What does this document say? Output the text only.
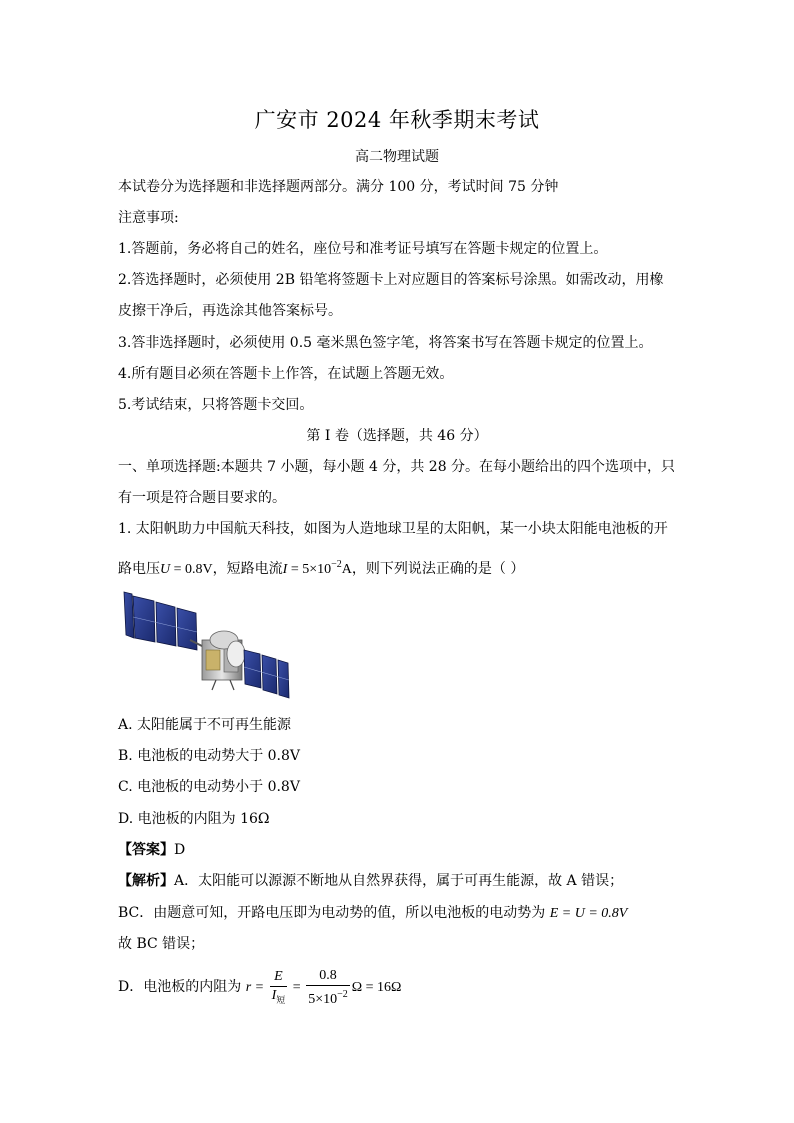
广安市 2024 年秋季期末考试
高二物理试题
本试卷分为选择题和非选择题两部分。满分 100 分，考试时间 75 分钟
注意事项:
1.答题前，务必将自己的姓名，座位号和准考证号填写在答题卡规定的位置上。
2.答选择题时，必须使用 2B 铅笔将签题卡上对应题目的答案标号涂黑。如需改动，用橡
皮擦干净后，再选涂其他答案标号。
3.答非选择题时，必须使用 0.5 毫米黑色签字笔，将答案书写在答题卡规定的位置上。
4.所有题目必须在答题卡上作答，在试题上答题无效。
5.考试结束，只将答题卡交回。
第 I 卷（选择题，共 46 分）
一、单项选择题:本题共 7 小题，每小题 4 分，共 28 分。在每小题给出的四个选项中，只
有一项是符合题目要求的。
1. 太阳帆助力中国航天科技，如图为人造地球卫星的太阳帆，某一小块太阳能电池板的开
路电压U = 0.8V，短路电流$I = 5\times 10^{-2}A$，则下列说法正确的是（ ）
A. 太阳能属于不可再生能源
B. 电池板的电动势大于 0.8V
C. 电池板的电动势小于 0.8V
D. 电池板的内阻为 16Ω
【答案】D
【解析】A．太阳能可以源源不断地从自然界获得，属于可再生能源，故 A 错误；
BC．由题意可知，开路电压即为电动势的值，所以电池板的电动势为 E = U = 0.8V
故 BC 错误；
D．电池板的内阻为 $r = \frac{E}{I_短} = \frac{0.8}{5\times 10^{-2}}$ Ω = 16Ω
